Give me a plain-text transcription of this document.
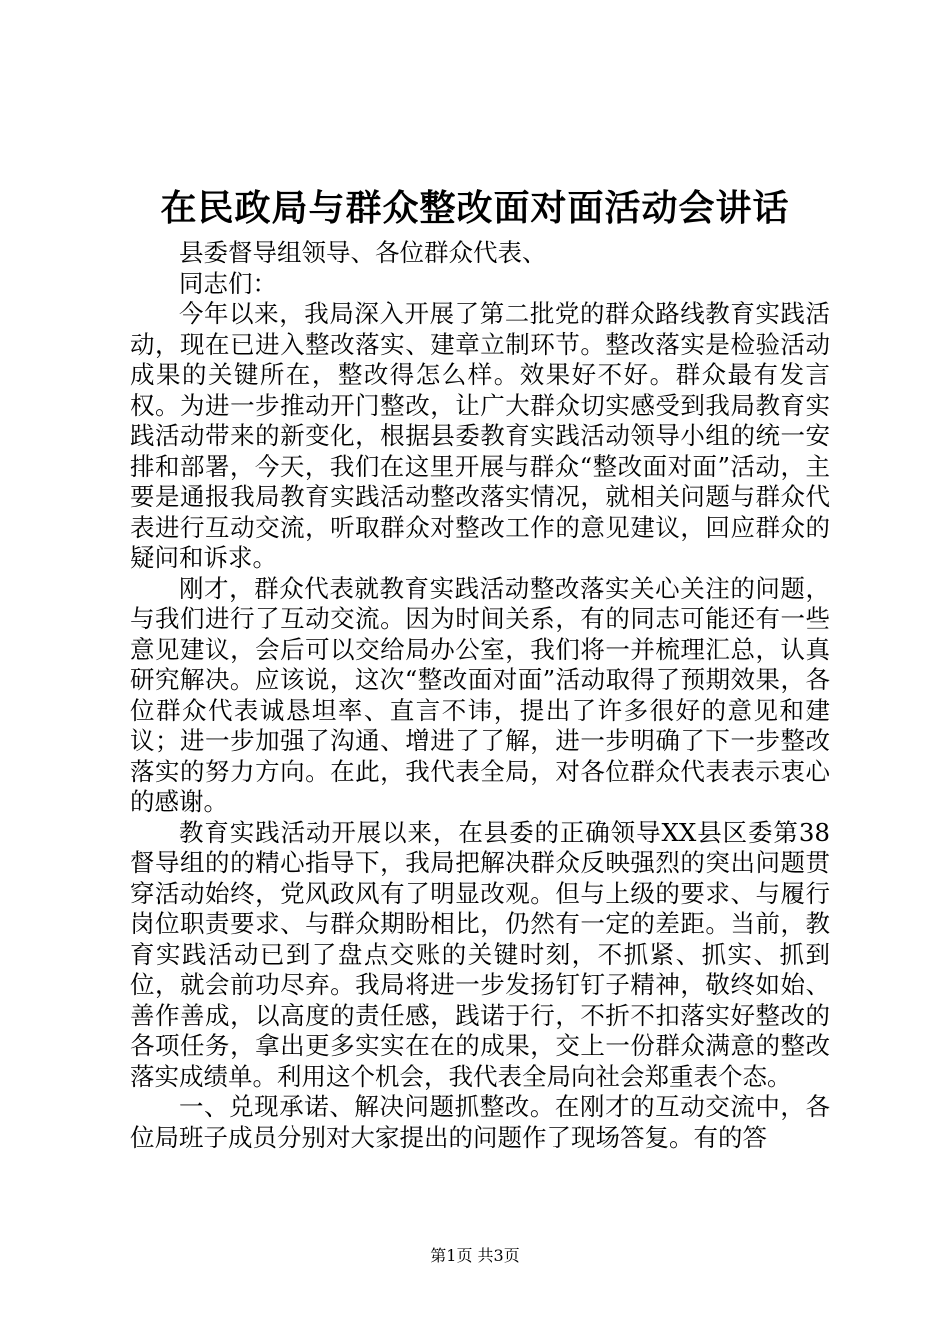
在民政局与群众整改面对面活动会讲话

县委督导组领导、各位群众代表、

同志们：

今年以来，我局深入开展了第二批党的群众路线教育实践活动，现在已进入整改落实、建章立制环节。整改落实是检验活动成果的关键所在，整改得怎么样。效果好不好。群众最有发言权。为进一步推动开门整改，让广大群众切实感受到我局教育实践活动带来的新变化，根据县委教育实践活动领导小组的统一安排和部署，今天，我们在这里开展与群众“整改面对面”活动，主要是通报我局教育实践活动整改落实情况，就相关问题与群众代表进行互动交流，听取群众对整改工作的意见建议，回应群众的疑问和诉求。

刚才，群众代表就教育实践活动整改落实关心关注的问题，与我们进行了互动交流。因为时间关系，有的同志可能还有一些意见建议，会后可以交给局办公室，我们将一并梳理汇总，认真研究解决。应该说，这次“整改面对面”活动取得了预期效果，各位群众代表诚恳坦率、直言不讳，提出了许多很好的意见和建议；进一步加强了沟通、增进了了解，进一步明确了下一步整改落实的努力方向。在此，我代表全局，对各位群众代表表示衷心的感谢。

教育实践活动开展以来，在县委的正确领导XX县区委第38督导组的的精心指导下，我局把解决群众反映强烈的突出问题贯穿活动始终，党风政风有了明显改观。但与上级的要求、与履行岗位职责要求、与群众期盼相比，仍然有一定的差距。当前，教育实践活动已到了盘点交账的关键时刻，不抓紧、抓实、抓到位，就会前功尽弃。我局将进一步发扬钉钉子精神，敬终如始、善作善成，以高度的责任感，践诺于行，不折不扣落实好整改的各项任务，拿出更多实实在在的成果，交上一份群众满意的整改落实成绩单。利用这个机会，我代表全局向社会郑重表个态。

一、兑现承诺、解决问题抓整改。在刚才的互动交流中，各位局班子成员分别对大家提出的问题作了现场答复。有的答

第1页 共3页
